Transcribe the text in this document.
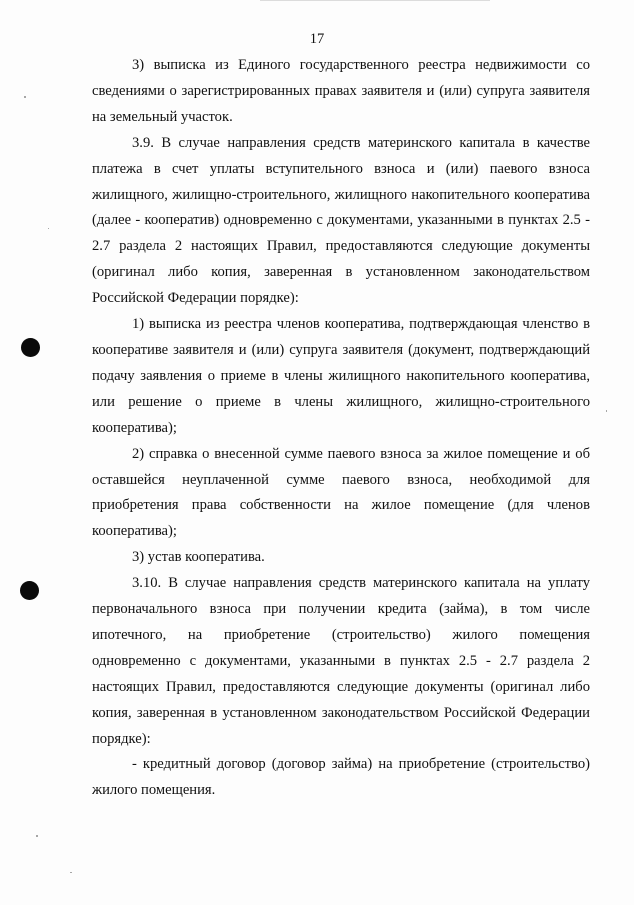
17

3) выписка из Единого государственного реестра недвижимости со сведениями о зарегистрированных правах заявителя и (или) супруга заявителя на земельный участок.

3.9. В случае направления средств материнского капитала в качестве платежа в счет уплаты вступительного взноса и (или) паевого взноса жилищного, жилищно-строительного, жилищного накопительного кооператива (далее - кооператив) одновременно с документами, указанными в пунктах 2.5 - 2.7 раздела 2 настоящих Правил, предоставляются следующие документы (оригинал либо копия, заверенная в установленном законодательством Российской Федерации порядке):

1) выписка из реестра членов кооператива, подтверждающая членство в кооперативе заявителя и (или) супруга заявителя (документ, подтверждающий подачу заявления о приеме в члены жилищного накопительного кооператива, или решение о приеме в члены жилищного, жилищно-строительного кооператива);

2) справка о внесенной сумме паевого взноса за жилое помещение и об оставшейся неуплаченной сумме паевого взноса, необходимой для приобретения права собственности на жилое помещение (для членов кооператива);

3) устав кооператива.

3.10. В случае направления средств материнского капитала на уплату первоначального взноса при получении кредита (займа), в том числе ипотечного, на приобретение (строительство) жилого помещения одновременно с документами, указанными в пунктах 2.5 - 2.7 раздела 2 настоящих Правил, предоставляются следующие документы (оригинал либо копия, заверенная в установленном законодательством Российской Федерации порядке):

- кредитный договор (договор займа) на приобретение (строительство) жилого помещения.
